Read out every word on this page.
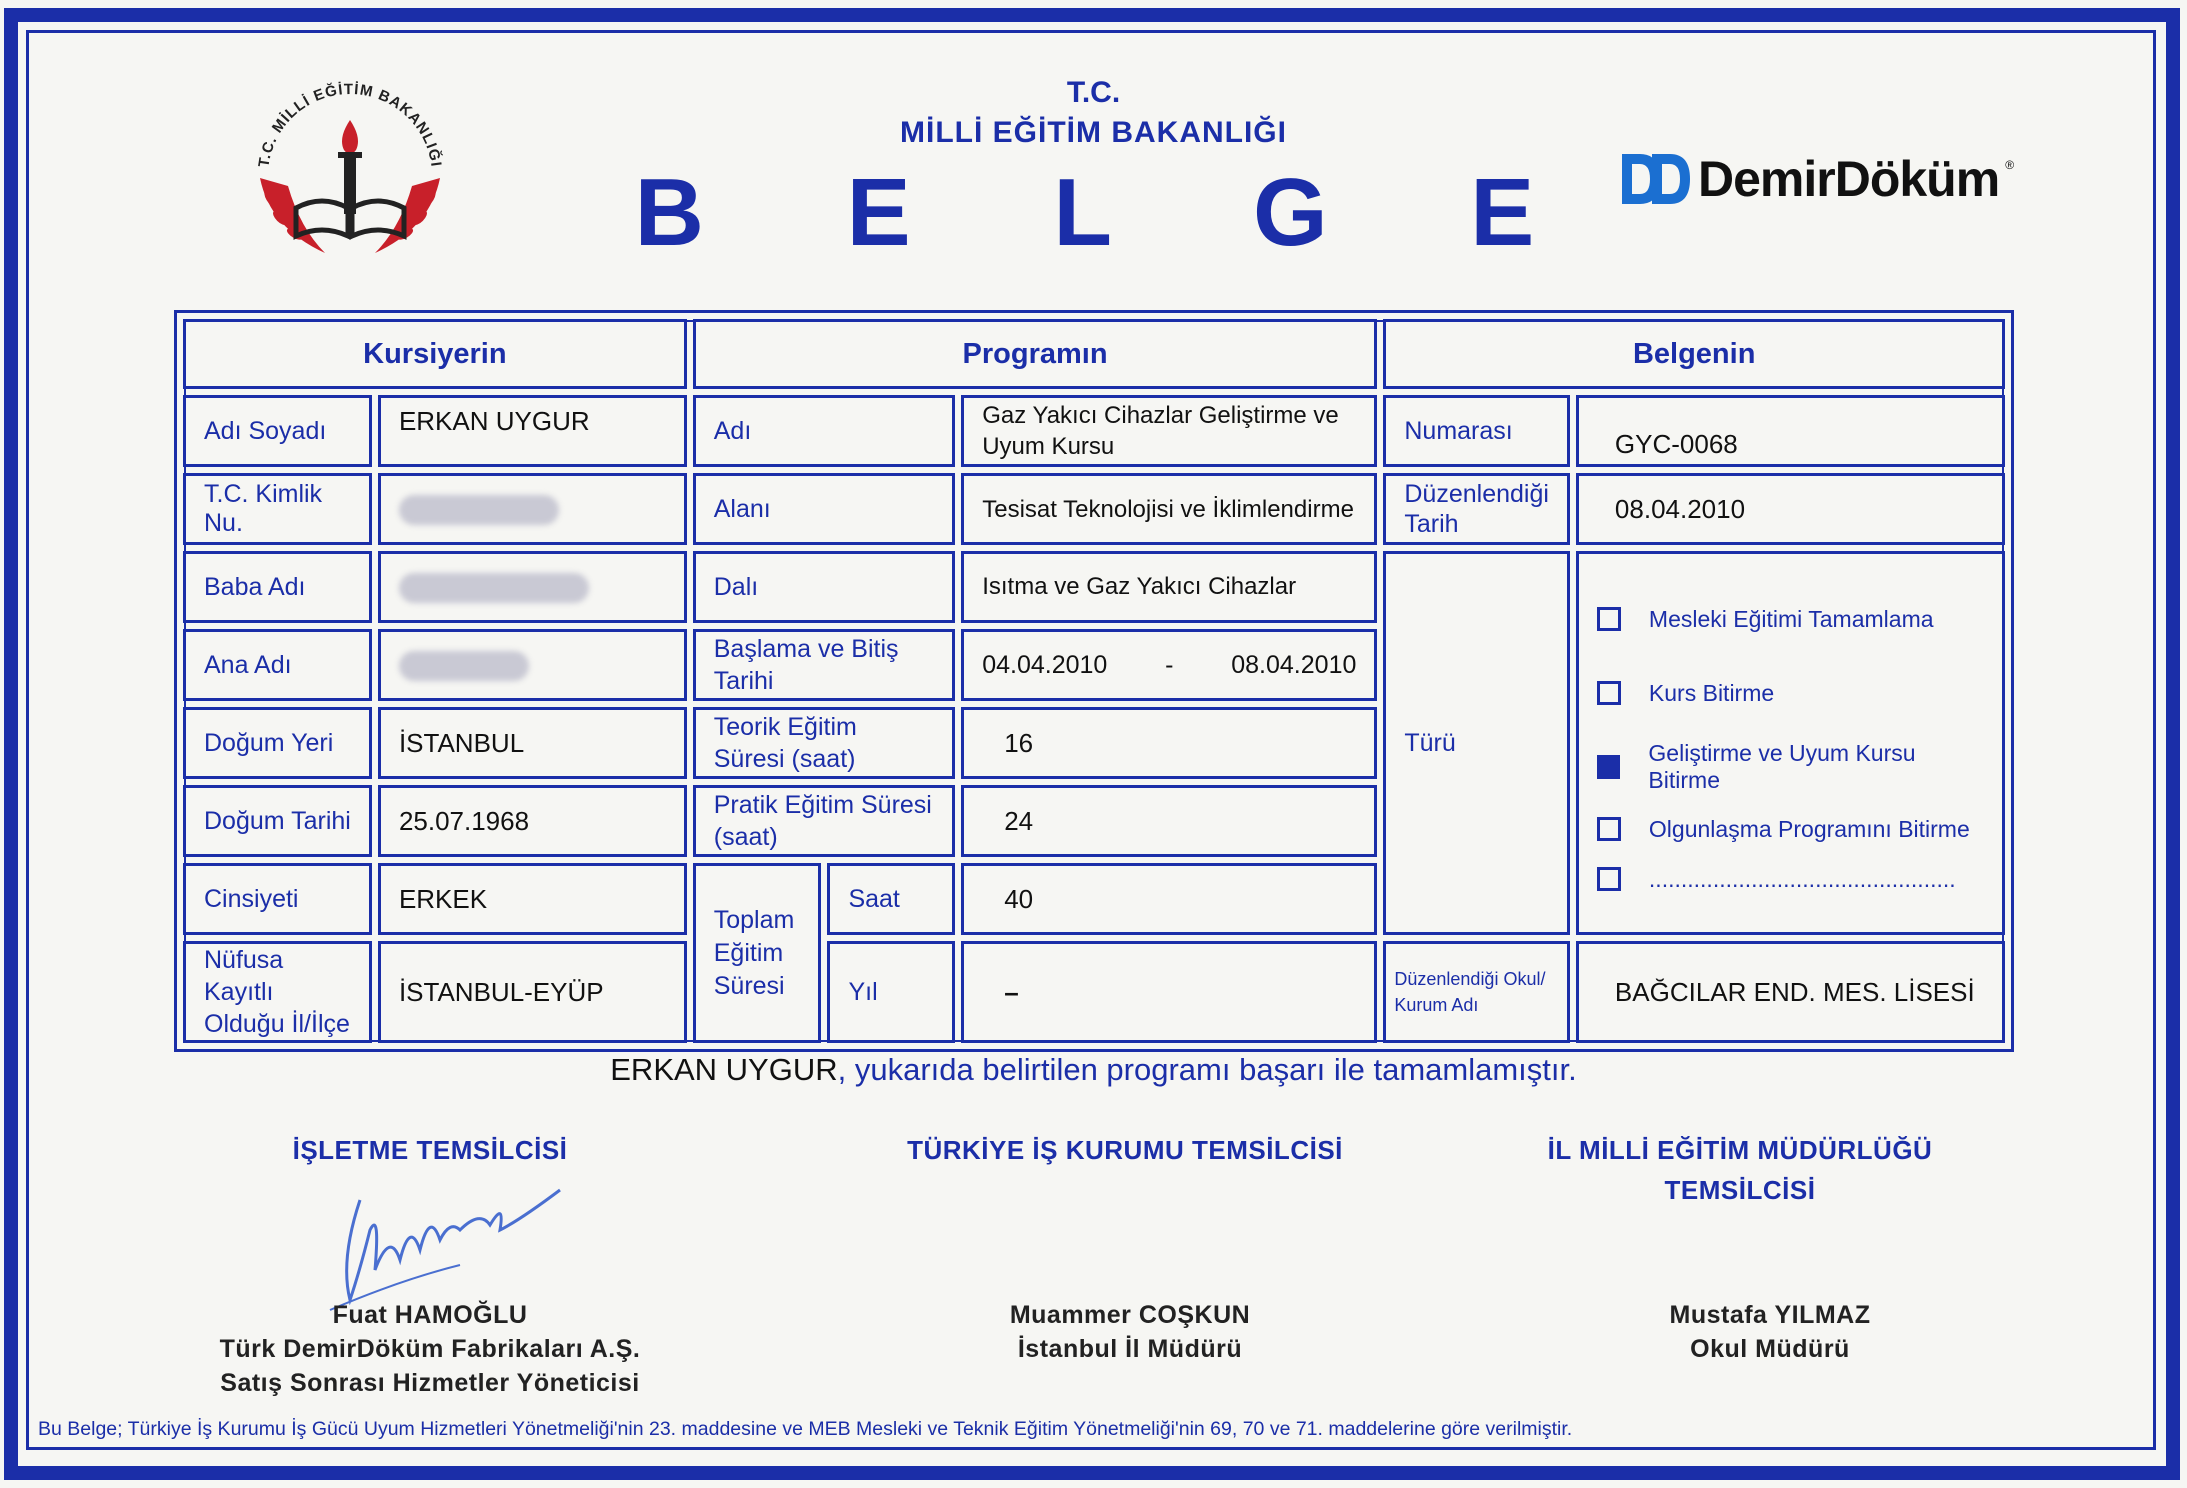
T.C. MİLLİ EĞİTİM BAKANLIĞI
T.C.
MİLLİ EĞİTİM BAKANLIĞI
B E L G E	DemirDöküm ®
Kursiyerin		Programın			Belgenin	
Adı Soyadı	ERKAN UYGUR	Adı		Gaz Yakıcı Cihazlar Geliştirme ve Uyum Kursu	Numarası	GYC-0068
T.C. Kimlik Nu.		Alanı		Tesisat Teknolojisi ve İklimlendirme	Düzenlendiği Tarih	08.04.2010
Baba Adı		Dalı		Isıtma ve Gaz Yakıcı Cihazlar	Türü	Mesleki Eğitimi Tamamlama
Kurs Bitirme
Geliştirme ve Uyum Kursu Bitirme
Olgunlaşma Programını Bitirme
................................................

Ana Adı		Başlama ve Bitiş Tarihi		04.04.2010 - 08.04.2010		
Doğum Yeri	İSTANBUL	Teorik Eğitim Süresi (saat)		16		
Doğum Tarihi	25.07.1968	Pratik Eğitim Süresi (saat)		24		
Cinsiyeti	ERKEK	Toplam Eğitim Süresi	Saat	40	
Nüfusa Kayıtlı Olduğu İl/İlçe	İSTANBUL-EYÜP		Yıl	–	Düzenlendiği Okul/ Kurum Adı	BAĞCILAR END. MES. LİSESİ
ERKAN UYGUR, yukarıda belirtilen programı başarı ile tamamlamıştır.
İŞLETME TEMSİLCİSİ
Fuat HAMOĞLU
Türk DemirDöküm Fabrikaları A.Ş.
Satış Sonrası Hizmetler Yöneticisi
TÜRKİYE İŞ KURUMU TEMSİLCİSİ
Muammer COŞKUN
İstanbul İl Müdürü
İL MİLLİ EĞİTİM MÜDÜRLÜĞÜ
TEMSİLCİSİ
Mustafa YILMAZ
Okul Müdürü
Bu Belge; Türkiye İş Kurumu İş Gücü Uyum Hizmetleri Yönetmeliği'nin 23. maddesine ve MEB Mesleki ve Teknik Eğitim Yönetmeliği'nin 69, 70 ve 71. maddelerine göre verilmiştir.
